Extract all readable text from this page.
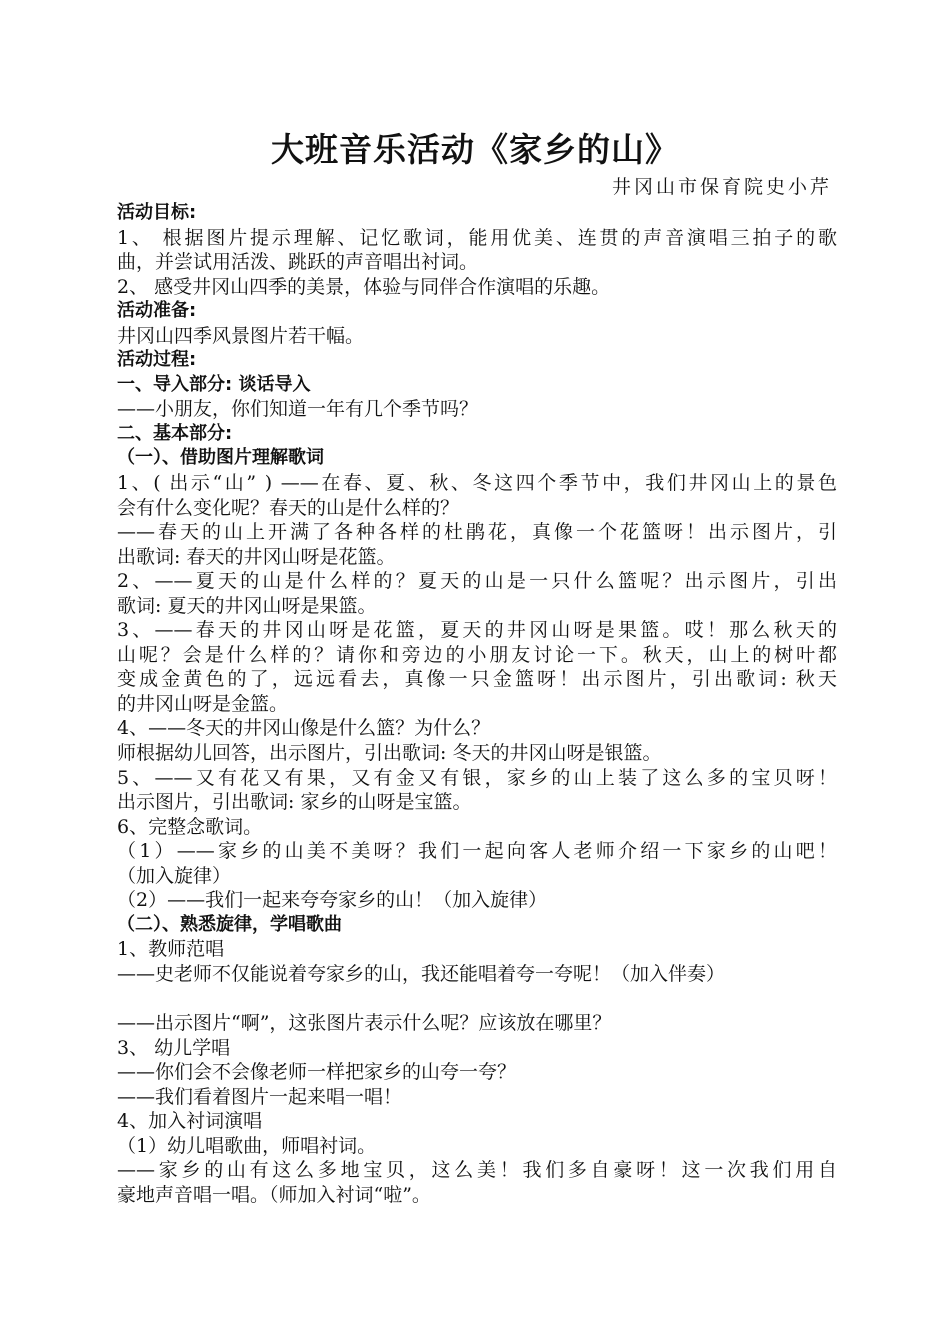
大班音乐活动《家乡的山》
井冈山市保育院史小芹
活动目标:
1、 根据图片提示理解、记忆歌词，能用优美、连贯的声音演唱三拍子的歌
曲，并尝试用活泼、跳跃的声音唱出衬词。
2、 感受井冈山四季的美景，体验与同伴合作演唱的乐趣。
活动准备:
井冈山四季风景图片若干幅。
活动过程:
一、导入部分: 谈话导入
——小朋友，你们知道一年有几个季节吗？
二、基本部分:
（一）、借助图片理解歌词
1、( 出示“山” ) ——在春、夏、秋、冬这四个季节中，我们井冈山上的景色
会有什么变化呢？春天的山是什么样的？
——春天的山上开满了各种各样的杜鹃花，真像一个花篮呀！出示图片，引
出歌词: 春天的井冈山呀是花篮。
2、——夏天的山是什么样的？夏天的山是一只什么篮呢？出示图片，引出
歌词: 夏天的井冈山呀是果篮。
3、——春天的井冈山呀是花篮，夏天的井冈山呀是果篮。哎！那么秋天的
山呢？会是什么样的？请你和旁边的小朋友讨论一下。秋天，山上的树叶都
变成金黄色的了，远远看去，真像一只金篮呀！出示图片，引出歌词: 秋天
的井冈山呀是金篮。
4、——冬天的井冈山像是什么篮？为什么？
师根据幼儿回答，出示图片，引出歌词: 冬天的井冈山呀是银篮。
5、——又有花又有果，又有金又有银，家乡的山上装了这么多的宝贝呀！
出示图片，引出歌词: 家乡的山呀是宝篮。
6、完整念歌词。
（1）——家乡的山美不美呀？我们一起向客人老师介绍一下家乡的山吧！
（加入旋律）
（2）——我们一起来夸夸家乡的山！（加入旋律）
（二）、熟悉旋律，学唱歌曲
1、教师范唱
——史老师不仅能说着夸家乡的山，我还能唱着夸一夸呢！（加入伴奏）
——出示图片“啊”，这张图片表示什么呢？应该放在哪里？
3、 幼儿学唱
——你们会不会像老师一样把家乡的山夸一夸？
——我们看着图片一起来唱一唱！
4、加入衬词演唱
（1）幼儿唱歌曲，师唱衬词。
——家乡的山有这么多地宝贝，这么美！我们多自豪呀！这一次我们用自
豪地声音唱一唱。（师加入衬词“啦”。
